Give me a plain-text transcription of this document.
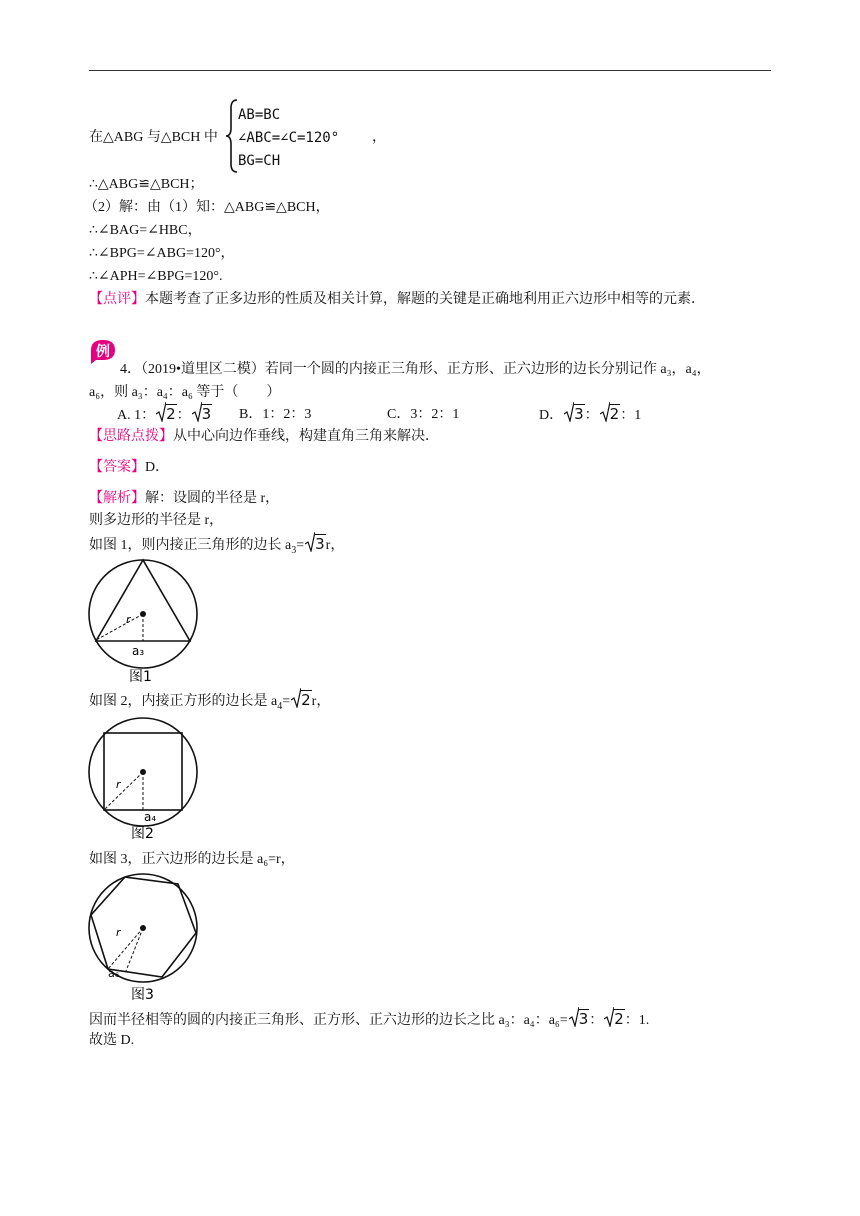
在△ABG 与△BCH 中
AB=BC
∠ABC=∠C=120°
BG=CH
，
∴△ABG≌△BCH；
（2）解：由（1）知：△ABG≌△BCH，
∴∠BAG=∠HBC，
∴∠BPG=∠ABG=120°，
∴∠APH=∠BPG=120°.
【点评】本题考查了正多边形的性质及相关计算，解题的关键是正确地利用正六边形中相等的元素．
例
4．（2019•道里区二模）若同一个圆的内接正三角形、正方形、正六边形的边长分别记作 a₃，a₄，
a₆，则 a₃：a₄：a₆ 等于（　　）
A. 1： 2： 3 B．1：2：3	C．3：2：1	D． 3： 2：1
【思路点拨】从中心向边作垂线，构建直角三角来解决．
【答案】D．
【解析】解：设圆的半径是 r，
则多边形的半径是 r，
如图 1，则内接正三角形的边长 $a_3= 3r$，
r
a₃
图1
如图 2，内接正方形的边长是 $a_4= 2r$，
r
a₄
图2
如图 3，正六边形的边长是 a₆=r，
r
a₆
图3
因而半径相等的圆的内接正三角形、正方形、正六边形的边长之比 a₃：a₄：a₆= 3： 2：1.
故选 D.
